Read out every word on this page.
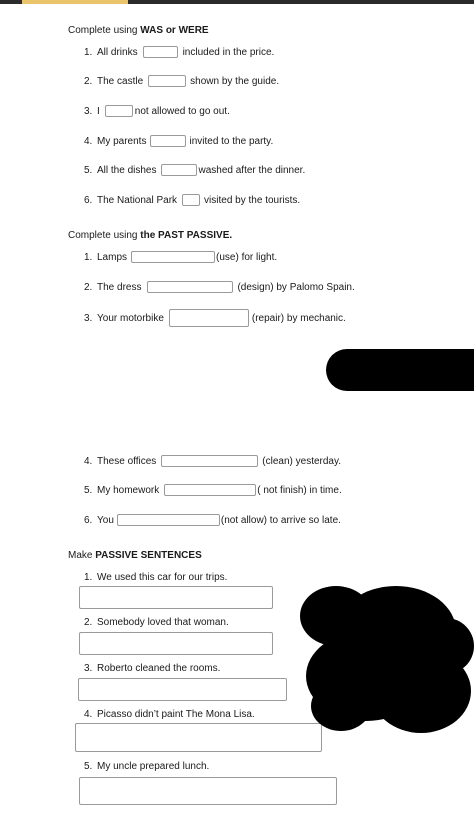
Complete using WAS or WERE
1. All drinks	included in the price.
2. The castle	shown by the guide.
3. I	not allowed to go out.
4. My parents	invited to the party.
5. All the dishes	washed after the dinner.
6. The National Park	visited by the tourists.
Complete using the PAST PASSIVE.
1. Lamps	(use) for light.
2. The dress	(design) by Palomo Spain.
3. Your motorbike	(repair) by mechanic.
4. These offices	(clean) yesterday.
5. My homework	( not finish) in time.
6. You	(not allow) to arrive so late.
Make PASSIVE SENTENCES
1. We used this car for our trips.
2. Somebody loved that woman.
3. Roberto cleaned the rooms.
4. Picasso didn’t paint The Mona Lisa.
5. My uncle prepared lunch.
